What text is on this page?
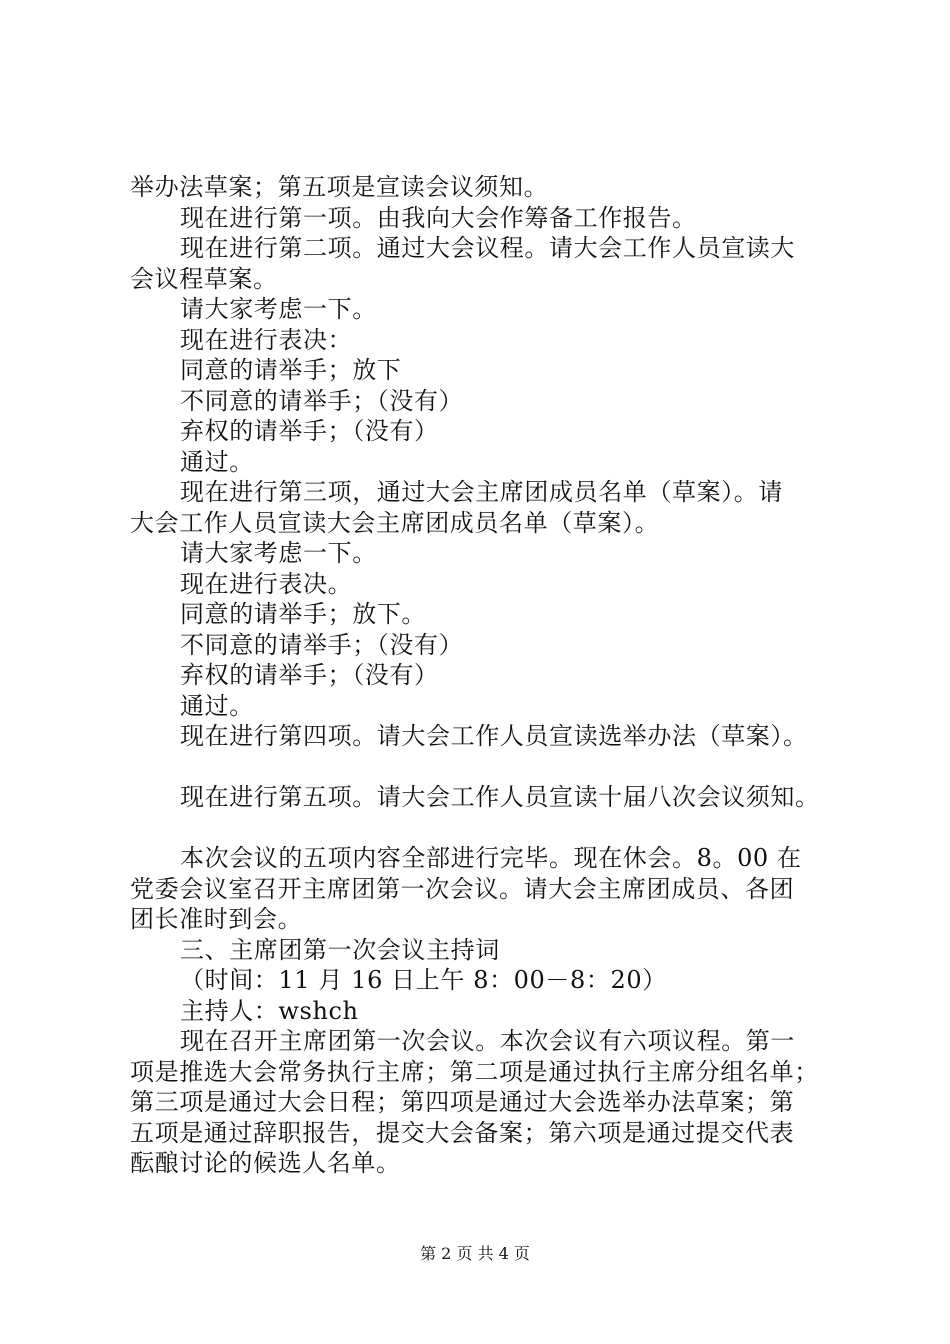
举办法草案；第五项是宣读会议须知。
现在进行第一项。由我向大会作筹备工作报告。
现在进行第二项。通过大会议程。请大会工作人员宣读大
会议程草案。
请大家考虑一下。
现在进行表决：
同意的请举手；放下
不同意的请举手；（没有）
弃权的请举手；（没有）
通过。
现在进行第三项，通过大会主席团成员名单（草案）。请
大会工作人员宣读大会主席团成员名单（草案）。
请大家考虑一下。
现在进行表决。
同意的请举手；放下。
不同意的请举手；（没有）
弃权的请举手；（没有）
通过。
现在进行第四项。请大会工作人员宣读选举办法（草案）。
现在进行第五项。请大会工作人员宣读十届八次会议须知。
本次会议的五项内容全部进行完毕。现在休会。8。00 在
党委会议室召开主席团第一次会议。请大会主席团成员、各团
团长准时到会。
三、主席团第一次会议主持词
（时间：11 月 16 日上午 8：00－8：20）
主持人：wshch
现在召开主席团第一次会议。本次会议有六项议程。第一
项是推选大会常务执行主席；第二项是通过执行主席分组名单；
第三项是通过大会日程；第四项是通过大会选举办法草案；第
五项是通过辞职报告，提交大会备案；第六项是通过提交代表
酝酿讨论的候选人名单。
第 2 页 共 4 页
